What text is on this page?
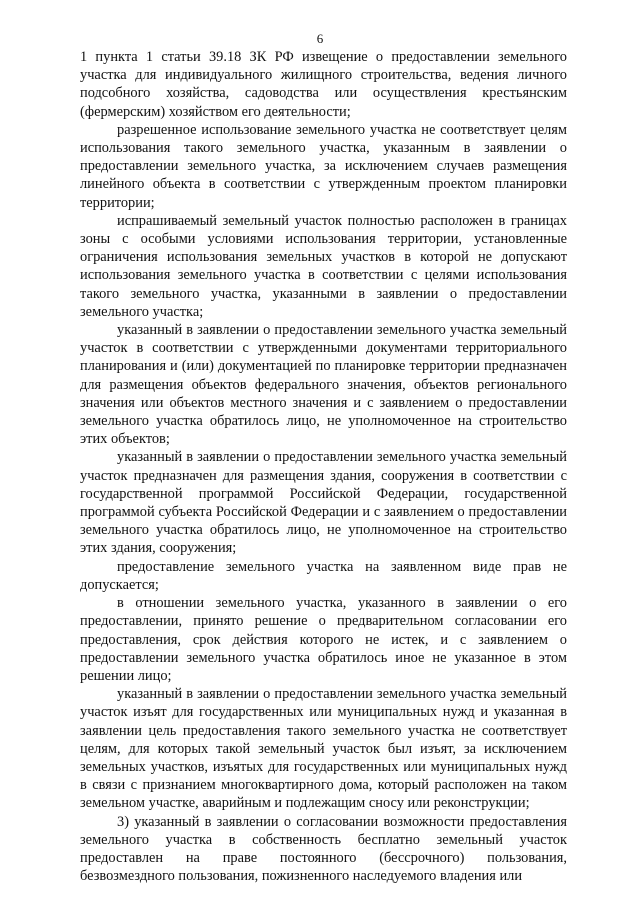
6

1 пункта 1 статьи 39.18 ЗК РФ извещение о предоставлении земельного участка для индивидуального жилищного строительства, ведения личного подсобного хозяйства, садоводства или осуществления крестьянским (фермерским) хозяйством его деятельности;

разрешенное использование земельного участка не соответствует целям использования такого земельного участка, указанным в заявлении о предоставлении земельного участка, за исключением случаев размещения линейного объекта в соответствии с утвержденным проектом планировки территории;

испрашиваемый земельный участок полностью расположен в границах зоны с особыми условиями использования территории, установленные ограничения использования земельных участков в которой не допускают использования земельного участка в соответствии с целями использования такого земельного участка, указанными в заявлении о предоставлении земельного участка;

указанный в заявлении о предоставлении земельного участка земельный участок в соответствии с утвержденными документами территориального планирования и (или) документацией по планировке территории предназначен для размещения объектов федерального значения, объектов регионального значения или объектов местного значения и с заявлением о предоставлении земельного участка обратилось лицо, не уполномоченное на строительство этих объектов;

указанный в заявлении о предоставлении земельного участка земельный участок предназначен для размещения здания, сооружения в соответствии с государственной программой Российской Федерации, государственной программой субъекта Российской Федерации и с заявлением о предоставлении земельного участка обратилось лицо, не уполномоченное на строительство этих здания, сооружения;

предоставление земельного участка на заявленном виде прав не допускается;

в отношении земельного участка, указанного в заявлении о его предоставлении, принято решение о предварительном согласовании его предоставления, срок действия которого не истек, и с заявлением о предоставлении земельного участка обратилось иное не указанное в этом решении лицо;

указанный в заявлении о предоставлении земельного участка земельный участок изъят для государственных или муниципальных нужд и указанная в заявлении цель предоставления такого земельного участка не соответствует целям, для которых такой земельный участок был изъят, за исключением земельных участков, изъятых для государственных или муниципальных нужд в связи с признанием многоквартирного дома, который расположен на таком земельном участке, аварийным и подлежащим сносу или реконструкции;

3) указанный в заявлении о согласовании возможности предоставления земельного участка в собственность бесплатно земельный участок предоставлен на праве постоянного (бессрочного) пользования, безвозмездного пользования, пожизненного наследуемого владения или
